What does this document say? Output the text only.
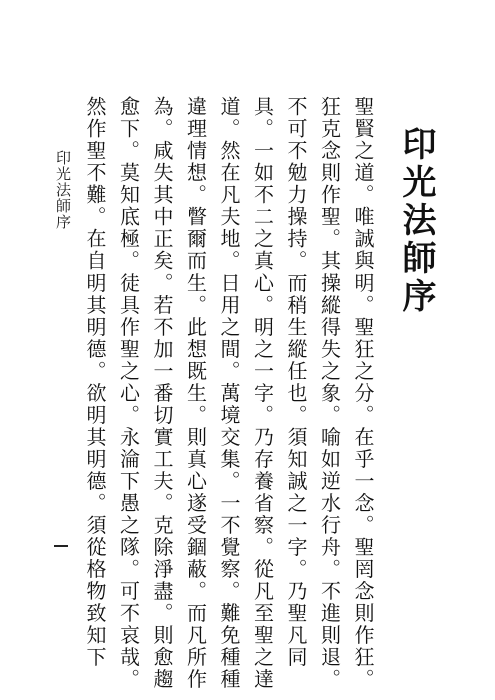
印光法師序
聖賢之道。唯誠與明。聖狂之分。在乎一念。聖罔念則作狂。
狂克念則作聖。其操縱得失之象。喻如逆水行舟。不進則退。
不可不勉力操持。而稍生縱任也。須知誠之一字。乃聖凡同
具。一如不二之真心。明之一字。乃存養省察。從凡至聖之達
道。然在凡夫地。日用之間。萬境交集。一不覺察。難免種種
違理情想。瞥爾而生。此想既生。則真心遂受錮蔽。而凡所作
為。咸失其中正矣。若不加一番切實工夫。克除淨盡。則愈趨
愈下。莫知底極。徒具作聖之心。永淪下愚之隊。可不哀哉。
然作聖不難。在自明其明德。欲明其明德。須從格物致知下
印光法師序
